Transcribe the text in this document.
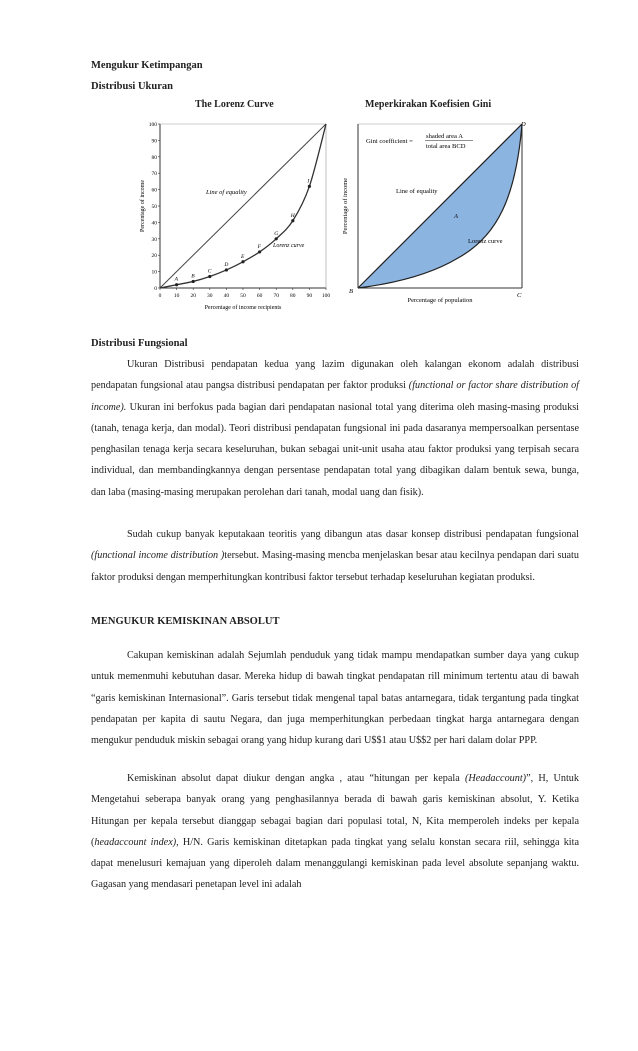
Mengukur Ketimpangan
Distribusi Ukuran
The Lorenz Curve	Meperkirakan Koefisien Gini
0
10
20
30
40
50
60
70
80
90
100
0 10 20 30 40 50 60 70 80 90 100
A
B
C
D
E
F
G
H
I
Line of equality
Lorenz curve
Percentage of income
Percentage of income recipients
Gini coefficient =
shaded area A
total area BCD
Line of equality
A
Lorenz curve
B
C
D
Percentage of income
Percentage of population
Distribusi Fungsional

Ukuran Distribusi pendapatan kedua yang lazim digunakan oleh kalangan ekonom adalah distribusi pendapatan fungsional atau pangsa distribusi pendapatan per faktor produksi (functional or factor share distribution of income). Ukuran ini berfokus pada bagian dari pendapatan nasional total yang diterima oleh masing-masing produksi (tanah, tenaga kerja, dan modal). Teori distribusi pendapatan fungsional ini pada dasaranya mempersoalkan persentase penghasilan tenaga kerja secara keseluruhan, bukan sebagai unit-unit usaha atau faktor produksi yang terpisah secara individual, dan membandingkannya dengan persentase pendapatan total yang dibagikan dalam bentuk sewa, bunga, dan laba (masing-masing merupakan perolehan dari tanah, modal uang dan fisik).

Sudah cukup banyak keputakaan teoritis yang dibangun atas dasar konsep distribusi pendapatan fungsional (functional income distribution )tersebut. Masing-masing mencba menjelaskan besar atau kecilnya pendapan dari suatu faktor produksi dengan memperhitungkan kontribusi faktor tersebut terhadap keseluruhan kegiatan produksi.

MENGUKUR KEMISKINAN ABSOLUT

Cakupan kemiskinan adalah Sejumlah penduduk yang tidak mampu mendapatkan sumber daya yang cukup untuk memenmuhi kebutuhan dasar. Mereka hidup di bawah tingkat pendapatan rill minimum tertentu atau di bawah “garis kemiskinan Internasional”. Garis tersebut tidak mengenal tapal batas antarnegara, tidak tergantung pada tingkat pendapatan per kapita di sautu Negara, dan juga memperhitungkan perbedaan tingkat harga antarnegara dengan mengukur penduduk miskin sebagai orang yang hidup kurang dari U$$1 atau U$$2 per hari dalam dolar PPP.

Kemiskinan absolut dapat diukur dengan angka , atau “hitungan per kepala (Headaccount)”, H, Untuk Mengetahui seberapa banyak orang yang penghasilannya berada di bawah garis kemiskinan absolut, Y. Ketika Hitungan per kepala tersebut dianggap sebagai bagian dari populasi total, N, Kita memperoleh indeks per kepala (headaccount index), H/N. Garis kemiskinan ditetapkan pada tingkat yang selalu konstan secara riil, sehingga kita dapat menelusuri kemajuan yang diperoleh dalam menanggulangi kemiskinan pada level absolute sepanjang waktu. Gagasan yang mendasari penetapan level ini adalah
